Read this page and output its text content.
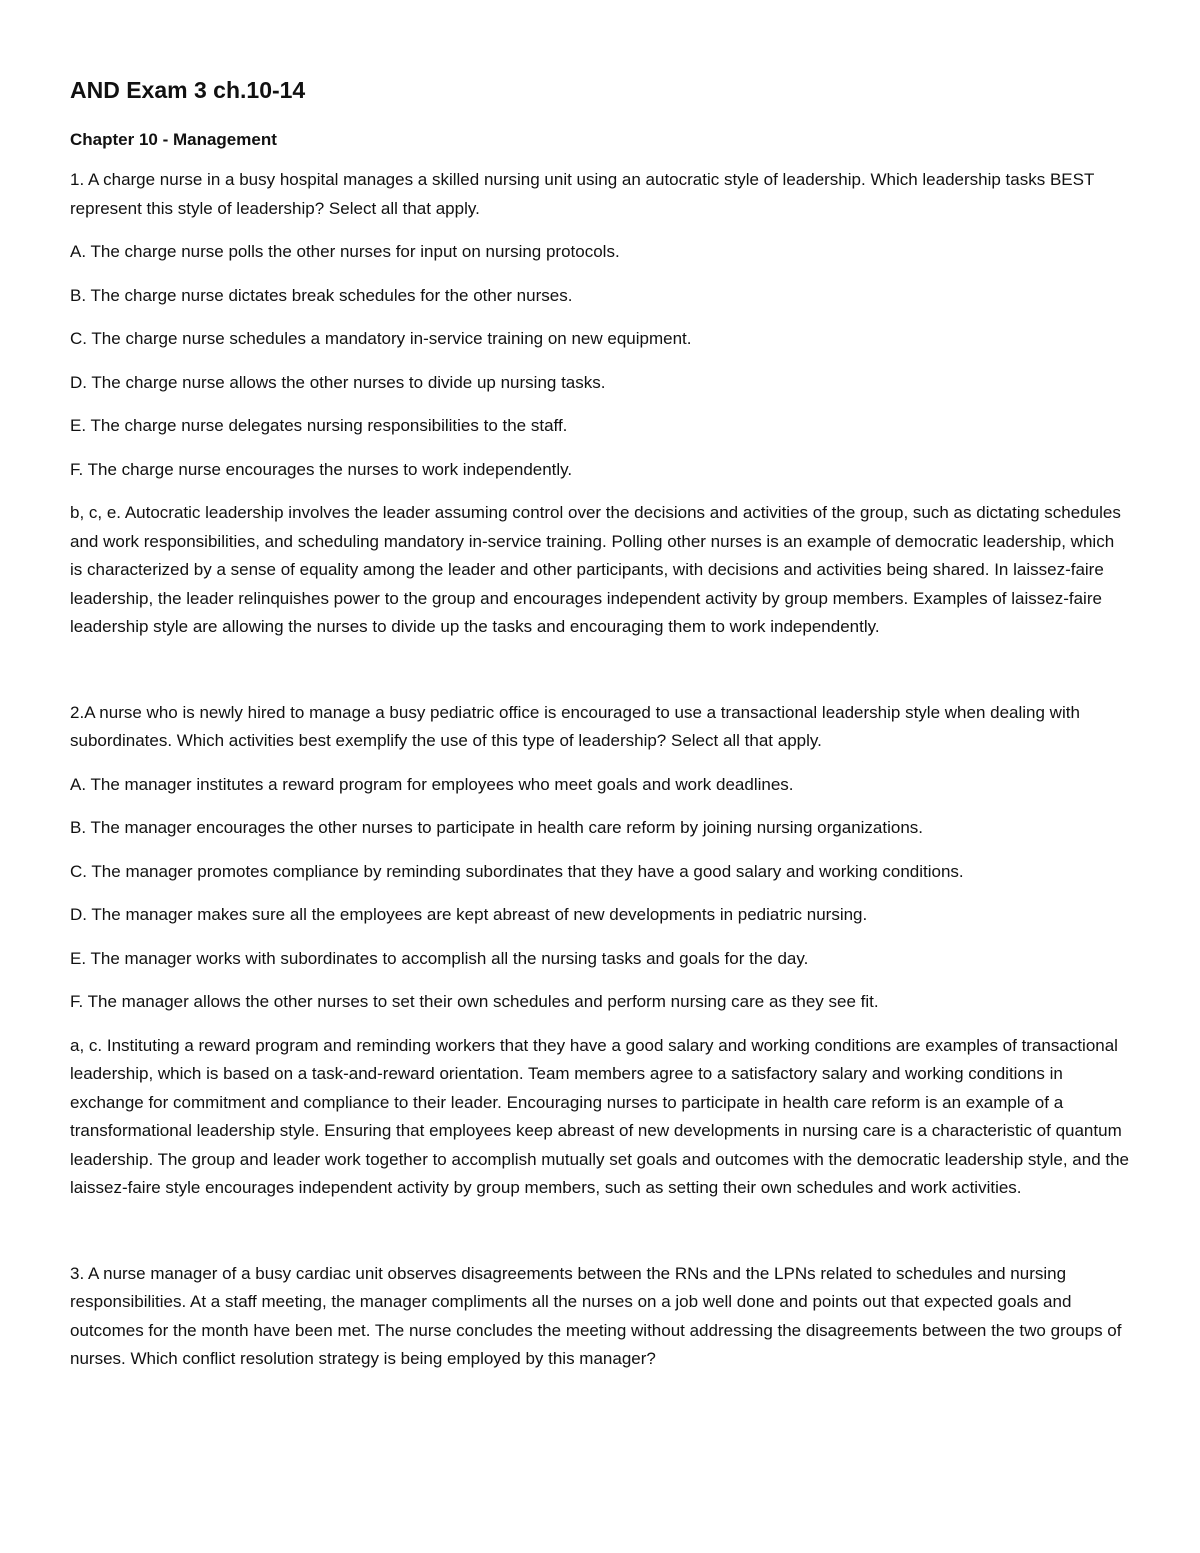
AND Exam 3 ch.10-14
Chapter 10 - Management

1. A charge nurse in a busy hospital manages a skilled nursing unit using an autocratic style of leadership. Which leadership tasks BEST represent this style of leadership? Select all that apply.

A. The charge nurse polls the other nurses for input on nursing protocols.

B. The charge nurse dictates break schedules for the other nurses.

C. The charge nurse schedules a mandatory in-service training on new equipment.

D. The charge nurse allows the other nurses to divide up nursing tasks.

E. The charge nurse delegates nursing responsibilities to the staff.

F. The charge nurse encourages the nurses to work independently.

b, c, e. Autocratic leadership involves the leader assuming control over the decisions and activities of the group, such as dictating schedules and work responsibilities, and scheduling mandatory in-service training. Polling other nurses is an example of democratic leadership, which is characterized by a sense of equality among the leader and other participants, with decisions and activities being shared. In laissez-faire leadership, the leader relinquishes power to the group and encourages independent activity by group members. Examples of laissez-faire leadership style are allowing the nurses to divide up the tasks and encouraging them to work independently.

2.A nurse who is newly hired to manage a busy pediatric office is encouraged to use a transactional leadership style when dealing with subordinates. Which activities best exemplify the use of this type of leadership? Select all that apply.

A. The manager institutes a reward program for employees who meet goals and work deadlines.

B. The manager encourages the other nurses to participate in health care reform by joining nursing organizations.

C. The manager promotes compliance by reminding subordinates that they have a good salary and working conditions.

D. The manager makes sure all the employees are kept abreast of new developments in pediatric nursing.

E. The manager works with subordinates to accomplish all the nursing tasks and goals for the day.

F. The manager allows the other nurses to set their own schedules and perform nursing care as they see fit.

a, c. Instituting a reward program and reminding workers that they have a good salary and working conditions are examples of transactional leadership, which is based on a task-and-reward orientation. Team members agree to a satisfactory salary and working conditions in exchange for commitment and compliance to their leader. Encouraging nurses to participate in health care reform is an example of a transformational leadership style. Ensuring that employees keep abreast of new developments in nursing care is a characteristic of quantum leadership. The group and leader work together to accomplish mutually set goals and outcomes with the democratic leadership style, and the laissez-faire style encourages independent activity by group members, such as setting their own schedules and work activities.

3. A nurse manager of a busy cardiac unit observes disagreements between the RNs and the LPNs related to schedules and nursing responsibilities. At a staff meeting, the manager compliments all the nurses on a job well done and points out that expected goals and outcomes for the month have been met. The nurse concludes the meeting without addressing the disagreements between the two groups of nurses. Which conflict resolution strategy is being employed by this manager?
